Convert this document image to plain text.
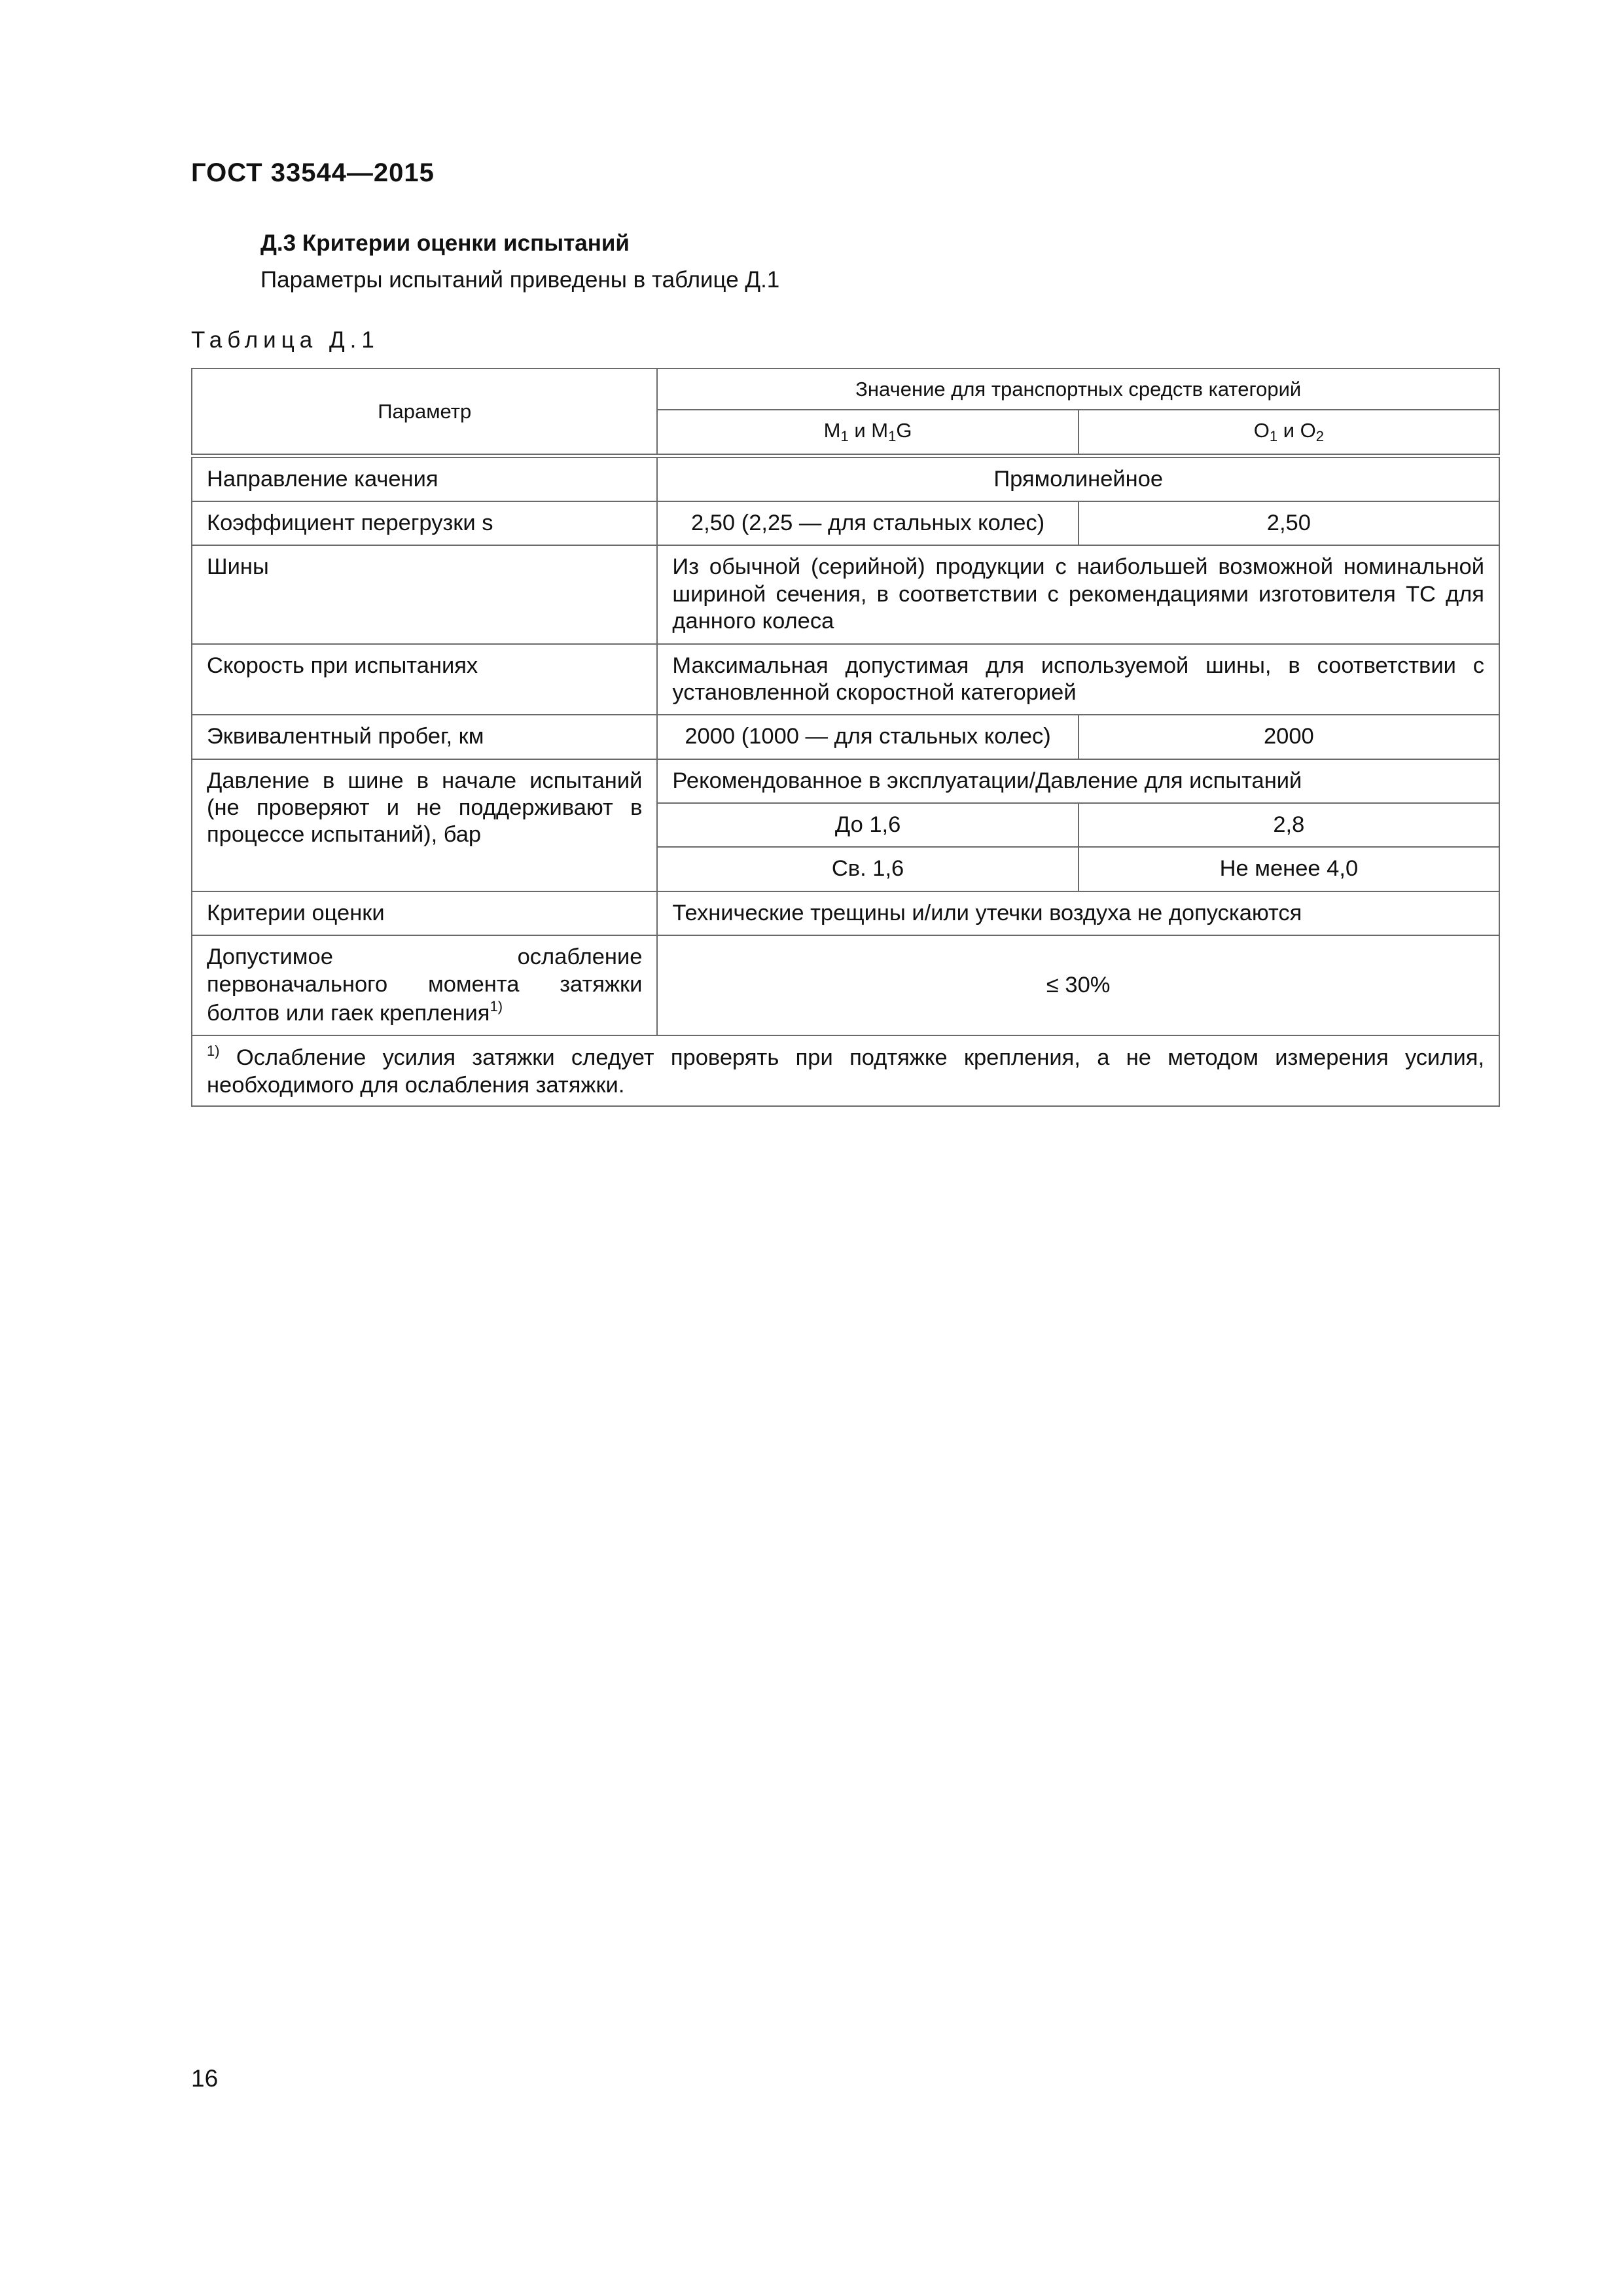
ГОСТ 33544—2015
Д.3 Критерии оценки испытаний
Параметры испытаний приведены в таблице Д.1
Таблица Д.1
Параметр	Значение для транспортных средств категорий	
	$M_1$ и $M_1G$	$O_1$ и $O_2$
Направление качения	Прямолинейное	
Коэффициент перегрузки s	2,50 (2,25 — для стальных колес)	2,50
Шины	Из обычной (серийной) продукции с наибольшей возможной номинальной шириной сечения, в соответствии с рекомендациями изготовителя ТС для данного колеса	
Скорость при испытаниях	Максимальная допустимая для используемой шины, в соответствии с установленной скоростной категорией	
Эквивалентный пробег, км	2000 (1000 — для стальных колес)	2000
Давление в шине в начале испытаний (не проверяют и не поддерживают в процессе испытаний), бар	Рекомендованное в эксплуатации/Давление для испытаний	
	До 1,6	2,8
	Св. 1,6	Не менее 4,0
Критерии оценки	Технические трещины и/или утечки воздуха не допускаются	
Допустимое ослабление первоначального момента затяжки болтов или гаек крепления$^{1)}$	≤ 30%	
$^{1)}$ Ослабление усилия затяжки следует проверять при подтяжке крепления, а не методом измерения усилия, необходимого для ослабления затяжки.		
16
